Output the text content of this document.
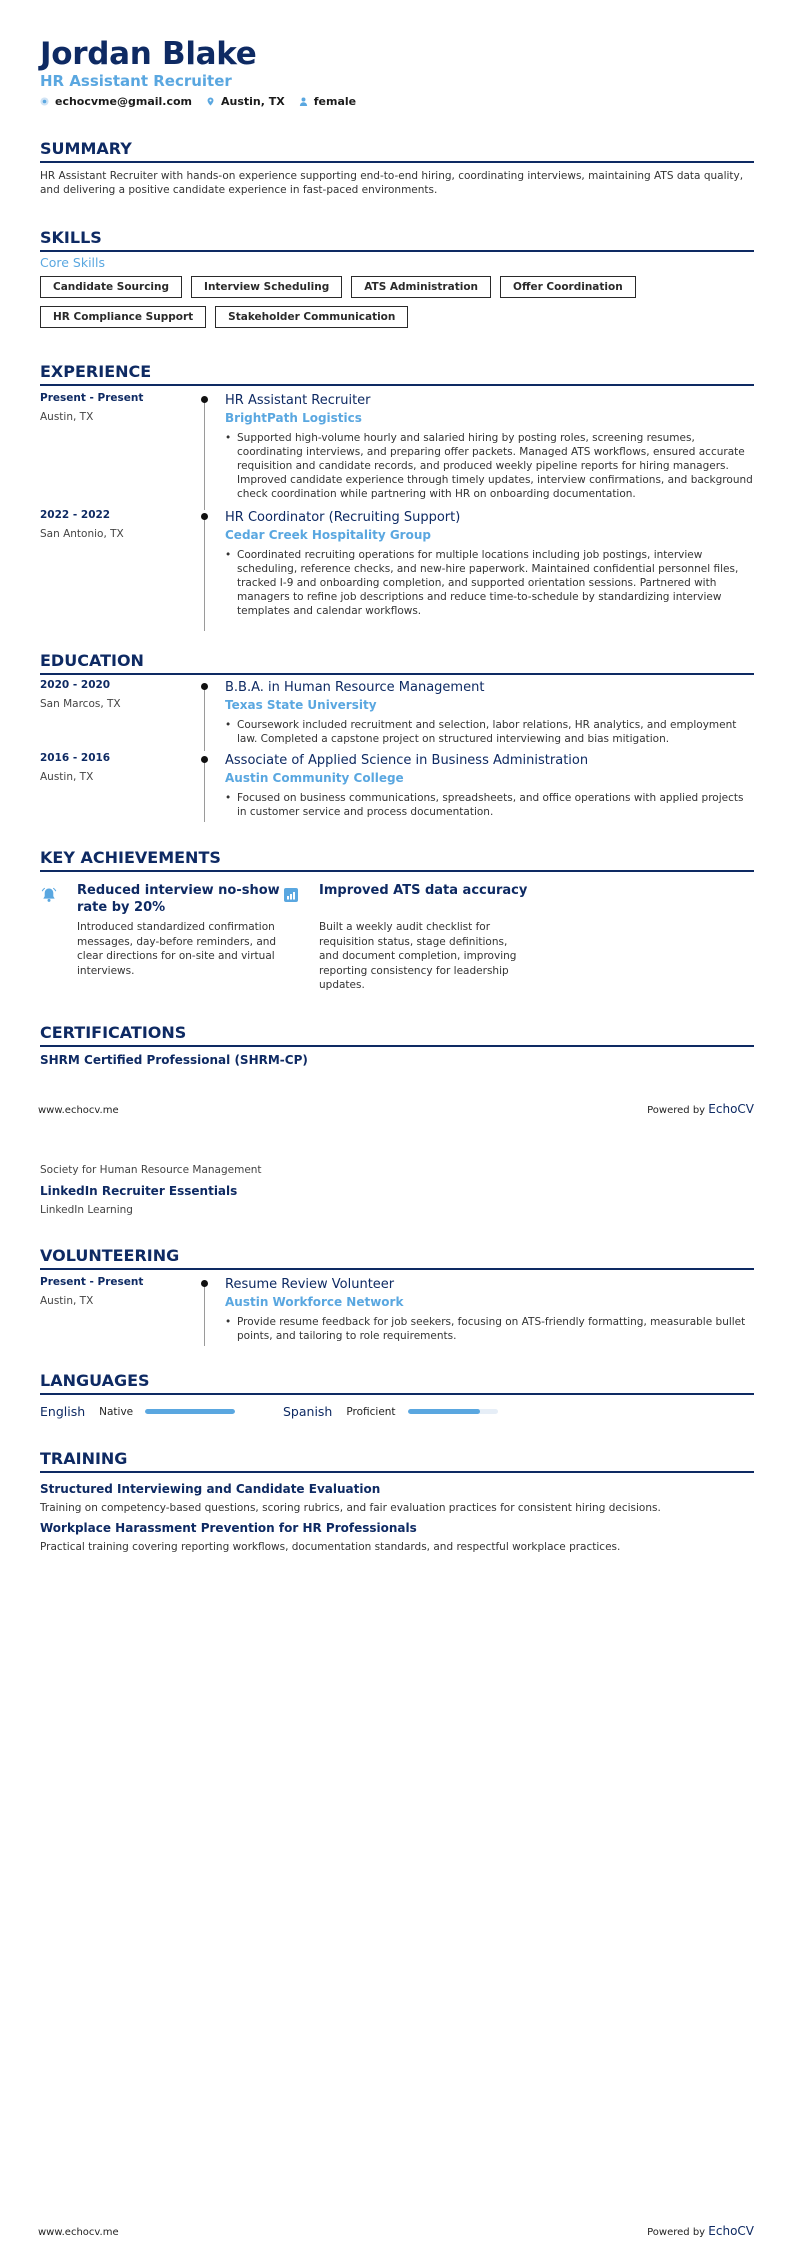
Jordan Blake
HR Assistant Recruiter
echocvme@gmail.com	Austin, TX	female
SUMMARY
HR Assistant Recruiter with hands-on experience supporting end-to-end hiring, coordinating interviews, maintaining ATS data quality, and delivering a positive candidate experience in fast-paced environments.
SKILLS
Core Skills
Candidate Sourcing	Interview Scheduling	ATS Administration	Offer Coordination
HR Compliance Support	Stakeholder Communication
EXPERIENCE
Present - Present
Austin, TX
HR Assistant Recruiter
BrightPath Logistics
• Supported high-volume hourly and salaried hiring by posting roles, screening resumes, coordinating interviews, and preparing offer packets. Managed ATS workflows, ensured accurate requisition and candidate records, and produced weekly pipeline reports for hiring managers. Improved candidate experience through timely updates, interview confirmations, and background check coordination while partnering with HR on onboarding documentation.
2022 - 2022
San Antonio, TX
HR Coordinator (Recruiting Support)
Cedar Creek Hospitality Group
• Coordinated recruiting operations for multiple locations including job postings, interview scheduling, reference checks, and new-hire paperwork. Maintained confidential personnel files, tracked I-9 and onboarding completion, and supported orientation sessions. Partnered with managers to refine job descriptions and reduce time-to-schedule by standardizing interview templates and calendar workflows.
EDUCATION
2020 - 2020
San Marcos, TX
B.B.A. in Human Resource Management
Texas State University
• Coursework included recruitment and selection, labor relations, HR analytics, and employment law. Completed a capstone project on structured interviewing and bias mitigation.
2016 - 2016
Austin, TX
Associate of Applied Science in Business Administration
Austin Community College
• Focused on business communications, spreadsheets, and office operations with applied projects in customer service and process documentation.
KEY ACHIEVEMENTS
Reduced interview no-show rate by 20%
Introduced standardized confirmation messages, day-before reminders, and clear directions for on-site and virtual interviews.
Improved ATS data accuracy
Built a weekly audit checklist for requisition status, stage definitions, and document completion, improving reporting consistency for leadership updates.
CERTIFICATIONS
SHRM Certified Professional (SHRM-CP)
www.echocv.me	Powered by EchoCV
Society for Human Resource Management
LinkedIn Recruiter Essentials
LinkedIn Learning
VOLUNTEERING
Present - Present
Austin, TX
Resume Review Volunteer
Austin Workforce Network
• Provide resume feedback for job seekers, focusing on ATS-friendly formatting, measurable bullet points, and tailoring to role requirements.
LANGUAGES
English Native	Spanish Proficient
TRAINING
Structured Interviewing and Candidate Evaluation
Training on competency-based questions, scoring rubrics, and fair evaluation practices for consistent hiring decisions.
Workplace Harassment Prevention for HR Professionals
Practical training covering reporting workflows, documentation standards, and respectful workplace practices.
www.echocv.me	Powered by EchoCV
